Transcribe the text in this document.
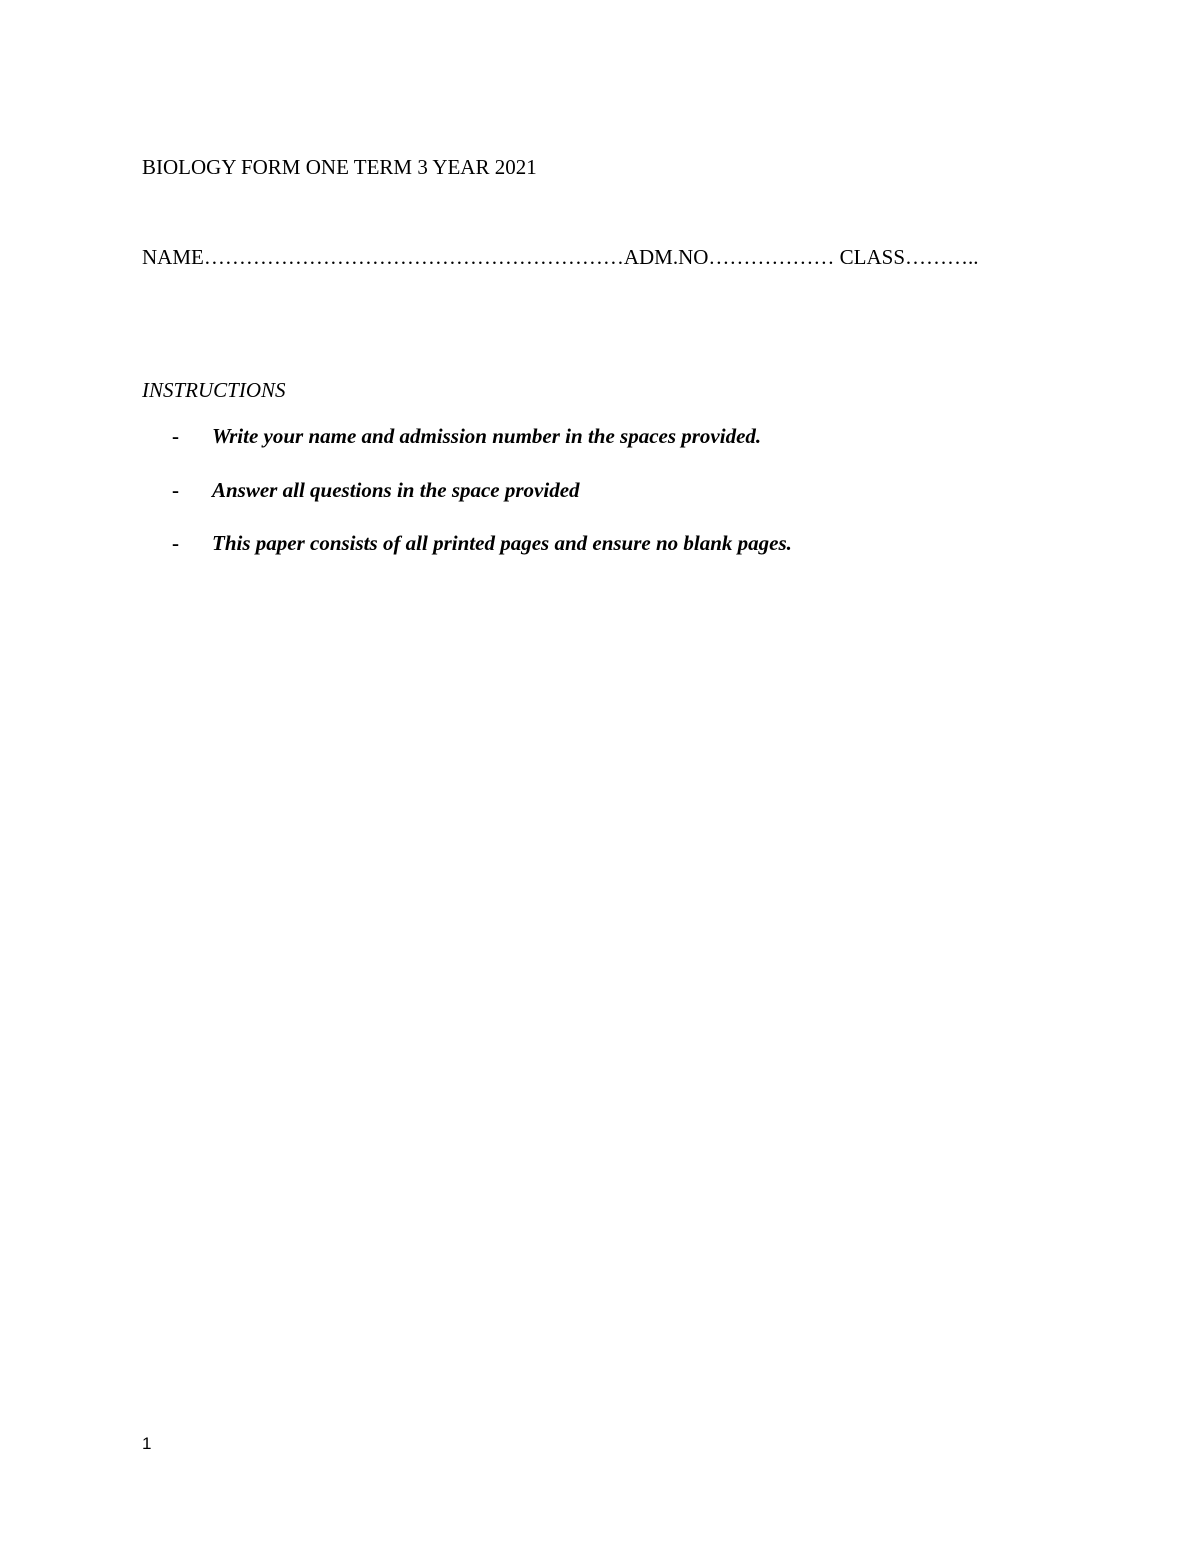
BIOLOGY FORM ONE TERM 3 YEAR 2021
NAME……………………………………………………ADM.NO……………… CLASS………..
INSTRUCTIONS
- Write your name and admission number in the spaces provided.
- Answer all questions in the space provided
- This paper consists of all printed pages and ensure no blank pages.
1
